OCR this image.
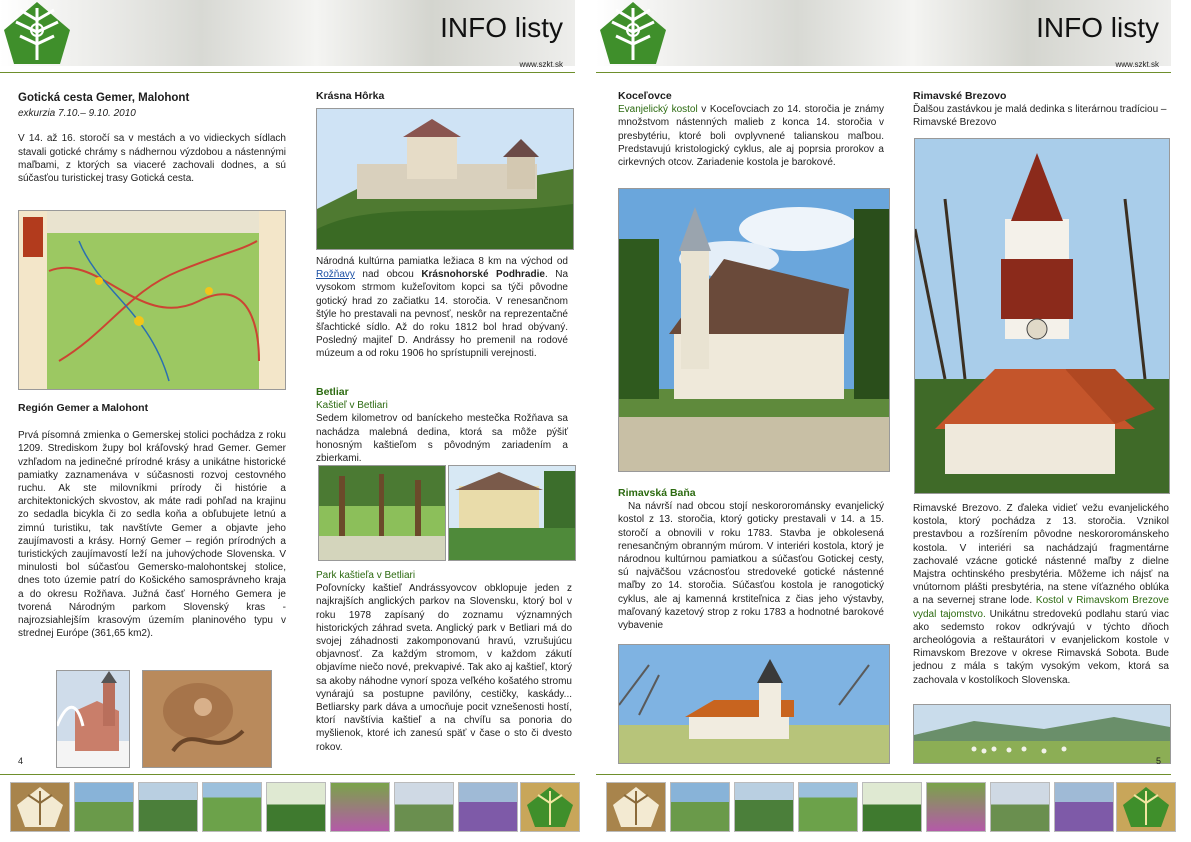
INFO listy
www.szkt.sk
Gotická cesta Gemer, Malohont
exkurzia 7.10.– 9.10. 2010

V 14. až 16. storočí sa v mestách a vo vidieckych sídlach stavali gotické chrámy s nádhernou výzdobou a nástennými maľbami, z ktorých sa viaceré zachovali dodnes, a sú súčasťou turistickej trasy Gotická cesta.

Región Gemer a Malohont

Prvá písomná zmienka o Gemerskej stolici pochádza z roku 1209. Strediskom župy bol kráľovský hrad Gemer. Gemer vzhľadom na jedinečné prírodné krásy a unikátne historické pamiatky zaznamenáva v súčasnosti rozvoj cestovného ruchu. Ak ste milovníkmi prírody či histórie a architektonických skvostov, ak máte radi pohľad na krajinu zo sedadla bicykla či zo sedla koňa a obľubujete letnú a zimnú turistiku, tak navštívte Gemer a objavte jeho zaujímavosti a krásy. Horný Gemer – región prírodných a turistických zaujímavostí leží na juhovýchode Slovenska. V minulosti bol súčasťou Gemersko-malohontskej stolice, dnes toto územie patrí do Košického samosprávneho kraja a do okresu Rožňava. Južná časť Horného Gemera je tvorená Národným parkom Slovenský kras - najrozsiahlejším krasovým územím planinového typu v strednej Európe (361,65 km2).

4
Krásna Hôrka

Národná kultúrna pamiatka ležiaca 8 km na východ od Rožňavy nad obcou Krásnohorské Podhradie. Na vysokom strmom kužeľovitom kopci sa týči pôvodne gotický hrad zo začiatku 14. storočia. V renesančnom štýle ho prestavali na pevnosť, neskôr na reprezentačné šľachtické sídlo. Až do roku 1812 bol hrad obývaný. Posledný majiteľ D. Andrássy ho premenil na rodové múzeum a od roku 1906 ho sprístupnili verejnosti.

Betliar
Kaštieľ v Betliari

Sedem kilometrov od baníckeho mestečka Rožňava sa nachádza malebná dedina, ktorá sa môže pýšiť honosným kaštieľom s pôvodným zariadením a zbierkami.

Park kaštieľa v Betliari

Poľovnícky kaštieľ Andrássyovcov obklopuje jeden z najkrajších anglických parkov na Slovensku, ktorý bol v roku 1978 zapísaný do zoznamu významných historických záhrad sveta. Anglický park v Betliari má do svojej záhadnosti zakomponovanú hravú, vzrušujúcu objavnosť. Za každým stromom, v každom zákutí objavíme niečo nové, prekvapivé. Tak ako aj kaštieľ, ktorý sa akoby náhodne vynorí spoza veľkého košatého stromu vynárajú sa postupne pavilóny, cestičky, kaskády... Betliarsky park dáva a umocňuje pocit vznešenosti hostí, ktorí navštívia kaštieľ a na chvíľu sa ponoria do myšlienok, ktoré ich zanesú späť v čase o sto či dvesto rokov.

INFO listy
www.szkt.sk
Koceľovce

Evanjelický kostol v Koceľovciach zo 14. storočia je známy množstvom nástenných malieb z konca 14. storočia v presbytériu, ktoré boli ovplyvnené talianskou maľbou. Predstavujú kristologický cyklus, ale aj poprsia prorokov a cirkevných otcov. Zariadenie kostola je barokové.

Rimavská Baňa

Na návrší nad obcou stojí neskororománsky evanjelický kostol z 13. storočia, ktorý goticky prestavali v 14. a 15. storočí a obnovili v roku 1783. Stavba je obkolesená renesančným obranným múrom. V interiéri kostola, ktorý je národnou kultúrnou pamiatkou a súčasťou Gotickej cesty, sú najväčšou vzácnosťou stredoveké gotické nástenné maľby zo 14. storočia. Súčasťou kostola je ranogotický cyklus, ale aj kamenná krstiteľnica z čias jeho výstavby, maľovaný kazetový strop z roku 1783 a hodnotné barokové vybavenie

Rimavské Brezovo

Ďalšou zastávkou je malá dedinka s literárnou tradíciou – Rimavské Brezovo

Rimavské Brezovo. Z ďaleka vidieť vežu evanjelického kostola, ktorý pochádza z 13. storočia. Vznikol prestavbou a rozšírením pôvodne neskororománskeho kostola. V interiéri sa nachádzajú fragmentárne zachovalé vzácne gotické nástenné maľby z dielne Majstra ochtinského presbytéria. Môžeme ich nájsť na vnútornom plášti presbytéria, na stene víťazného oblúka a na severnej strane lode. Kostol v Rimavskom Brezove vydal tajomstvo. Unikátnu stredovekú podlahu starú viac ako sedemsto rokov odkrývajú v týchto dňoch archeológovia a reštaurátori v evanjelickom kostole v Rimavskom Brezove v okrese Rimavská Sobota. Bude jednou z mála s takým vysokým vekom, ktorá sa zachovala v kostolíkoch Slovenska.

5
